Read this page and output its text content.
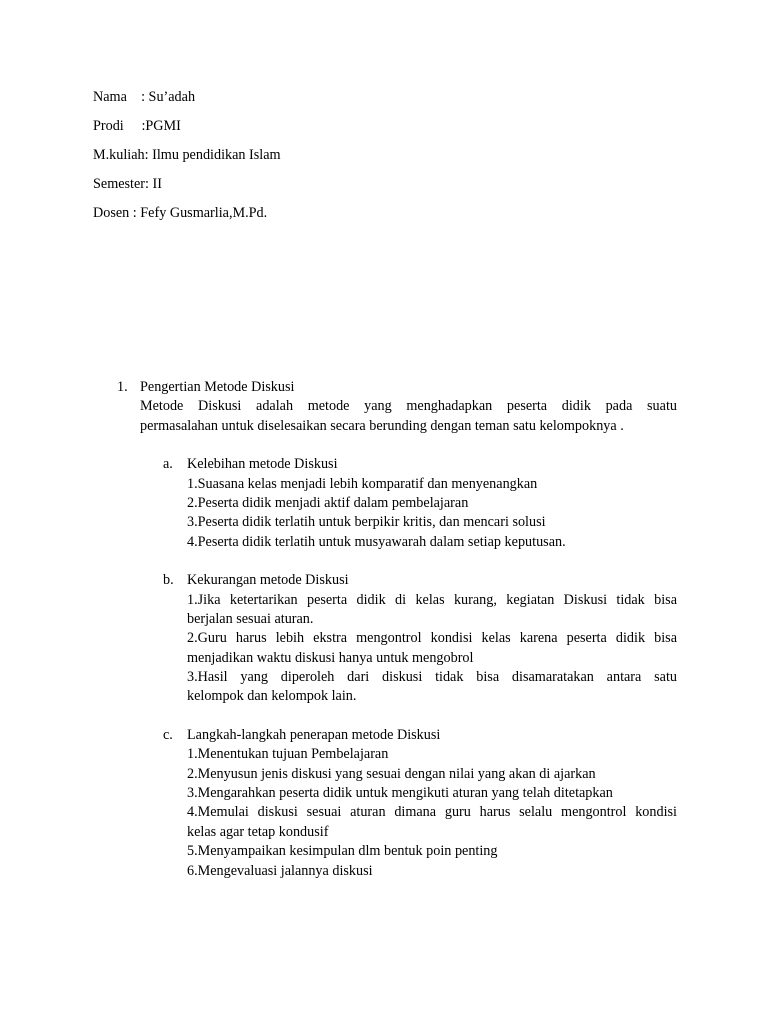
Nama    : Su’adah
Prodi     :PGMI
M.kuliah: Ilmu pendidikan Islam
Semester: II
Dosen : Fefy Gusmarlia,M.Pd.
1. Pengertian Metode Diskusi
Metode Diskusi adalah metode yang menghadapkan peserta didik pada suatu
permasalahan untuk diselesaikan secara berunding dengan teman satu kelompoknya .
a. Kelebihan metode Diskusi
1.Suasana kelas menjadi lebih komparatif dan menyenangkan
2.Peserta didik menjadi aktif dalam pembelajaran
3.Peserta didik terlatih untuk berpikir kritis, dan mencari solusi
4.Peserta didik terlatih untuk musyawarah dalam setiap keputusan.
b. Kekurangan metode Diskusi
1.Jika ketertarikan peserta didik di kelas kurang, kegiatan Diskusi tidak bisa
berjalan sesuai aturan.
2.Guru harus lebih ekstra mengontrol kondisi kelas karena peserta didik bisa
menjadikan waktu diskusi hanya untuk mengobrol
3.Hasil yang diperoleh dari diskusi tidak bisa disamaratakan antara satu
kelompok dan kelompok lain.
c. Langkah-langkah penerapan metode Diskusi
1.Menentukan tujuan Pembelajaran
2.Menyusun jenis diskusi yang sesuai dengan nilai yang akan di ajarkan
3.Mengarahkan peserta didik untuk mengikuti aturan yang telah ditetapkan
4.Memulai diskusi sesuai aturan dimana guru harus selalu mengontrol kondisi
kelas agar tetap kondusif
5.Menyampaikan kesimpulan dlm bentuk poin penting
6.Mengevaluasi jalannya diskusi
